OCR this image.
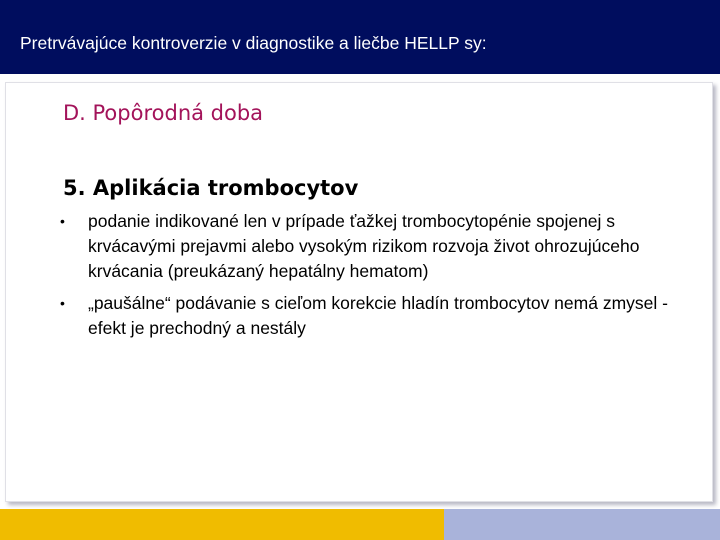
Pretrvávajúce kontroverzie v diagnostike a liečbe HELLP sy:
D. Popôrodná doba
5. Aplikácia trombocytov
•	podanie indikované len v prípade ťažkej trombocytopénie spojenej s krvácavými prejavmi alebo vysokým rizikom rozvoja život ohrozujúceho krvácania (preukázaný hepatálny hematom)
•	„paušálne“ podávanie s cieľom korekcie hladín trombocytov nemá zmysel - efekt je prechodný a nestály
